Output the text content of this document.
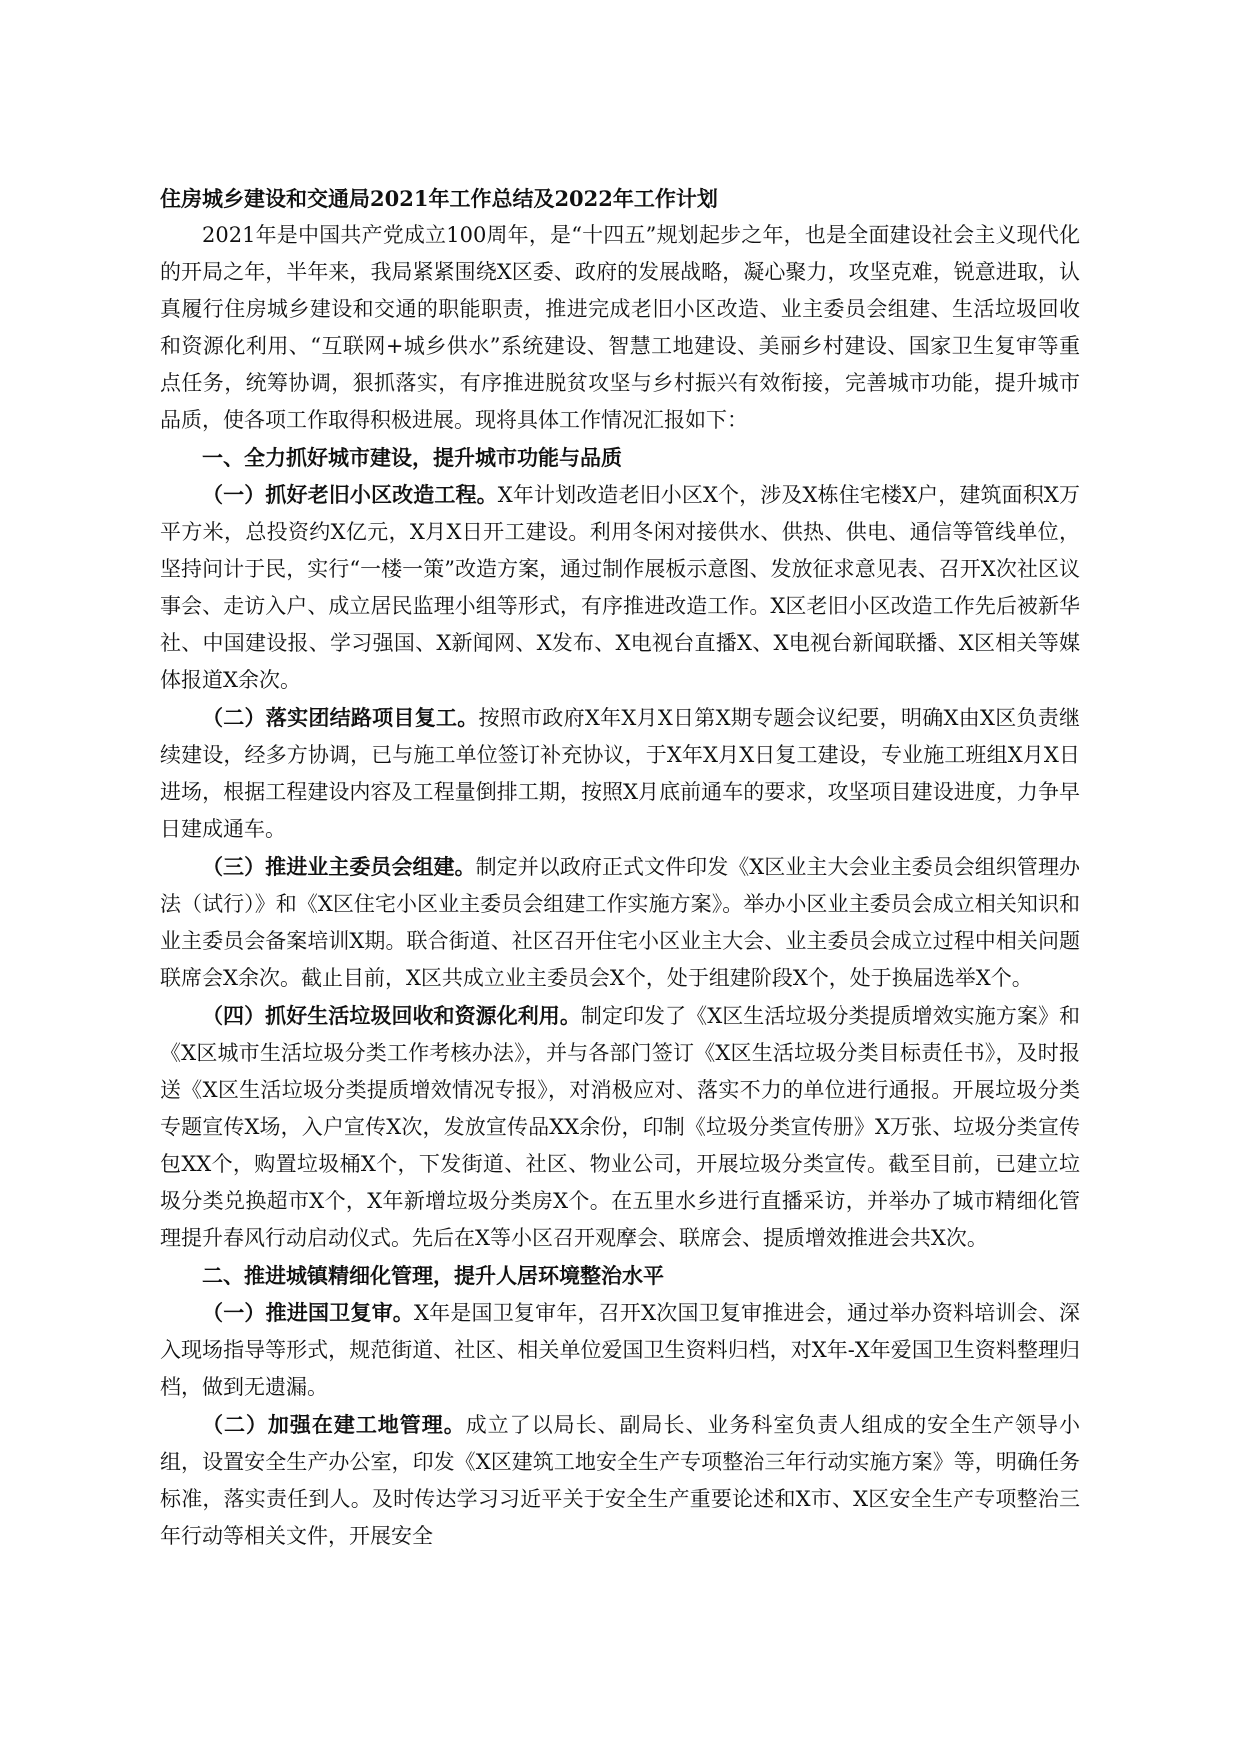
住房城乡建设和交通局2021年工作总结及2022年工作计划

2021年是中国共产党成立100周年，是“十四五”规划起步之年，也是全面建设社会主义现代化的开局之年，半年来，我局紧紧围绕X区委、政府的发展战略，凝心聚力，攻坚克难，锐意进取，认真履行住房城乡建设和交通的职能职责，推进完成老旧小区改造、业主委员会组建、生活垃圾回收和资源化利用、“互联网+城乡供水”系统建设、智慧工地建设、美丽乡村建设、国家卫生复审等重点任务，统筹协调，狠抓落实，有序推进脱贫攻坚与乡村振兴有效衔接，完善城市功能，提升城市品质，使各项工作取得积极进展。现将具体工作情况汇报如下：

一、全力抓好城市建设，提升城市功能与品质

（一）抓好老旧小区改造工程。X年计划改造老旧小区X个，涉及X栋住宅楼X户，建筑面积X万平方米，总投资约X亿元，X月X日开工建设。利用冬闲对接供水、供热、供电、通信等管线单位，坚持问计于民，实行“一楼一策”改造方案，通过制作展板示意图、发放征求意见表、召开X次社区议事会、走访入户、成立居民监理小组等形式，有序推进改造工作。X区老旧小区改造工作先后被新华社、中国建设报、学习强国、X新闻网、X发布、X电视台直播X、X电视台新闻联播、X区相关等媒体报道X余次。

（二）落实团结路项目复工。按照市政府X年X月X日第X期专题会议纪要，明确X由X区负责继续建设，经多方协调，已与施工单位签订补充协议，于X年X月X日复工建设，专业施工班组X月X日进场，根据工程建设内容及工程量倒排工期，按照X月底前通车的要求，攻坚项目建设进度，力争早日建成通车。

（三）推进业主委员会组建。制定并以政府正式文件印发《X区业主大会业主委员会组织管理办法（试行）》和《X区住宅小区业主委员会组建工作实施方案》。举办小区业主委员会成立相关知识和业主委员会备案培训X期。联合街道、社区召开住宅小区业主大会、业主委员会成立过程中相关问题联席会X余次。截止目前，X区共成立业主委员会X个，处于组建阶段X个，处于换届选举X个。

（四）抓好生活垃圾回收和资源化利用。制定印发了《X区生活垃圾分类提质增效实施方案》和《X区城市生活垃圾分类工作考核办法》，并与各部门签订《X区生活垃圾分类目标责任书》，及时报送《X区生活垃圾分类提质增效情况专报》，对消极应对、落实不力的单位进行通报。开展垃圾分类专题宣传X场，入户宣传X次，发放宣传品XX余份，印制《垃圾分类宣传册》X万张、垃圾分类宣传包XX个，购置垃圾桶X个，下发街道、社区、物业公司，开展垃圾分类宣传。截至目前，已建立垃圾分类兑换超市X个，X年新增垃圾分类房X个。在五里水乡进行直播采访，并举办了城市精细化管理提升春风行动启动仪式。先后在X等小区召开观摩会、联席会、提质增效推进会共X次。

二、推进城镇精细化管理，提升人居环境整治水平

（一）推进国卫复审。X年是国卫复审年，召开X次国卫复审推进会，通过举办资料培训会、深入现场指导等形式，规范街道、社区、相关单位爱国卫生资料归档，对X年-X年爱国卫生资料整理归档，做到无遗漏。

（二）加强在建工地管理。成立了以局长、副局长、业务科室负责人组成的安全生产领导小组，设置安全生产办公室，印发《X区建筑工地安全生产专项整治三年行动实施方案》等，明确任务标准，落实责任到人。及时传达学习习近平关于安全生产重要论述和X市、X区安全生产专项整治三年行动等相关文件，开展安全
